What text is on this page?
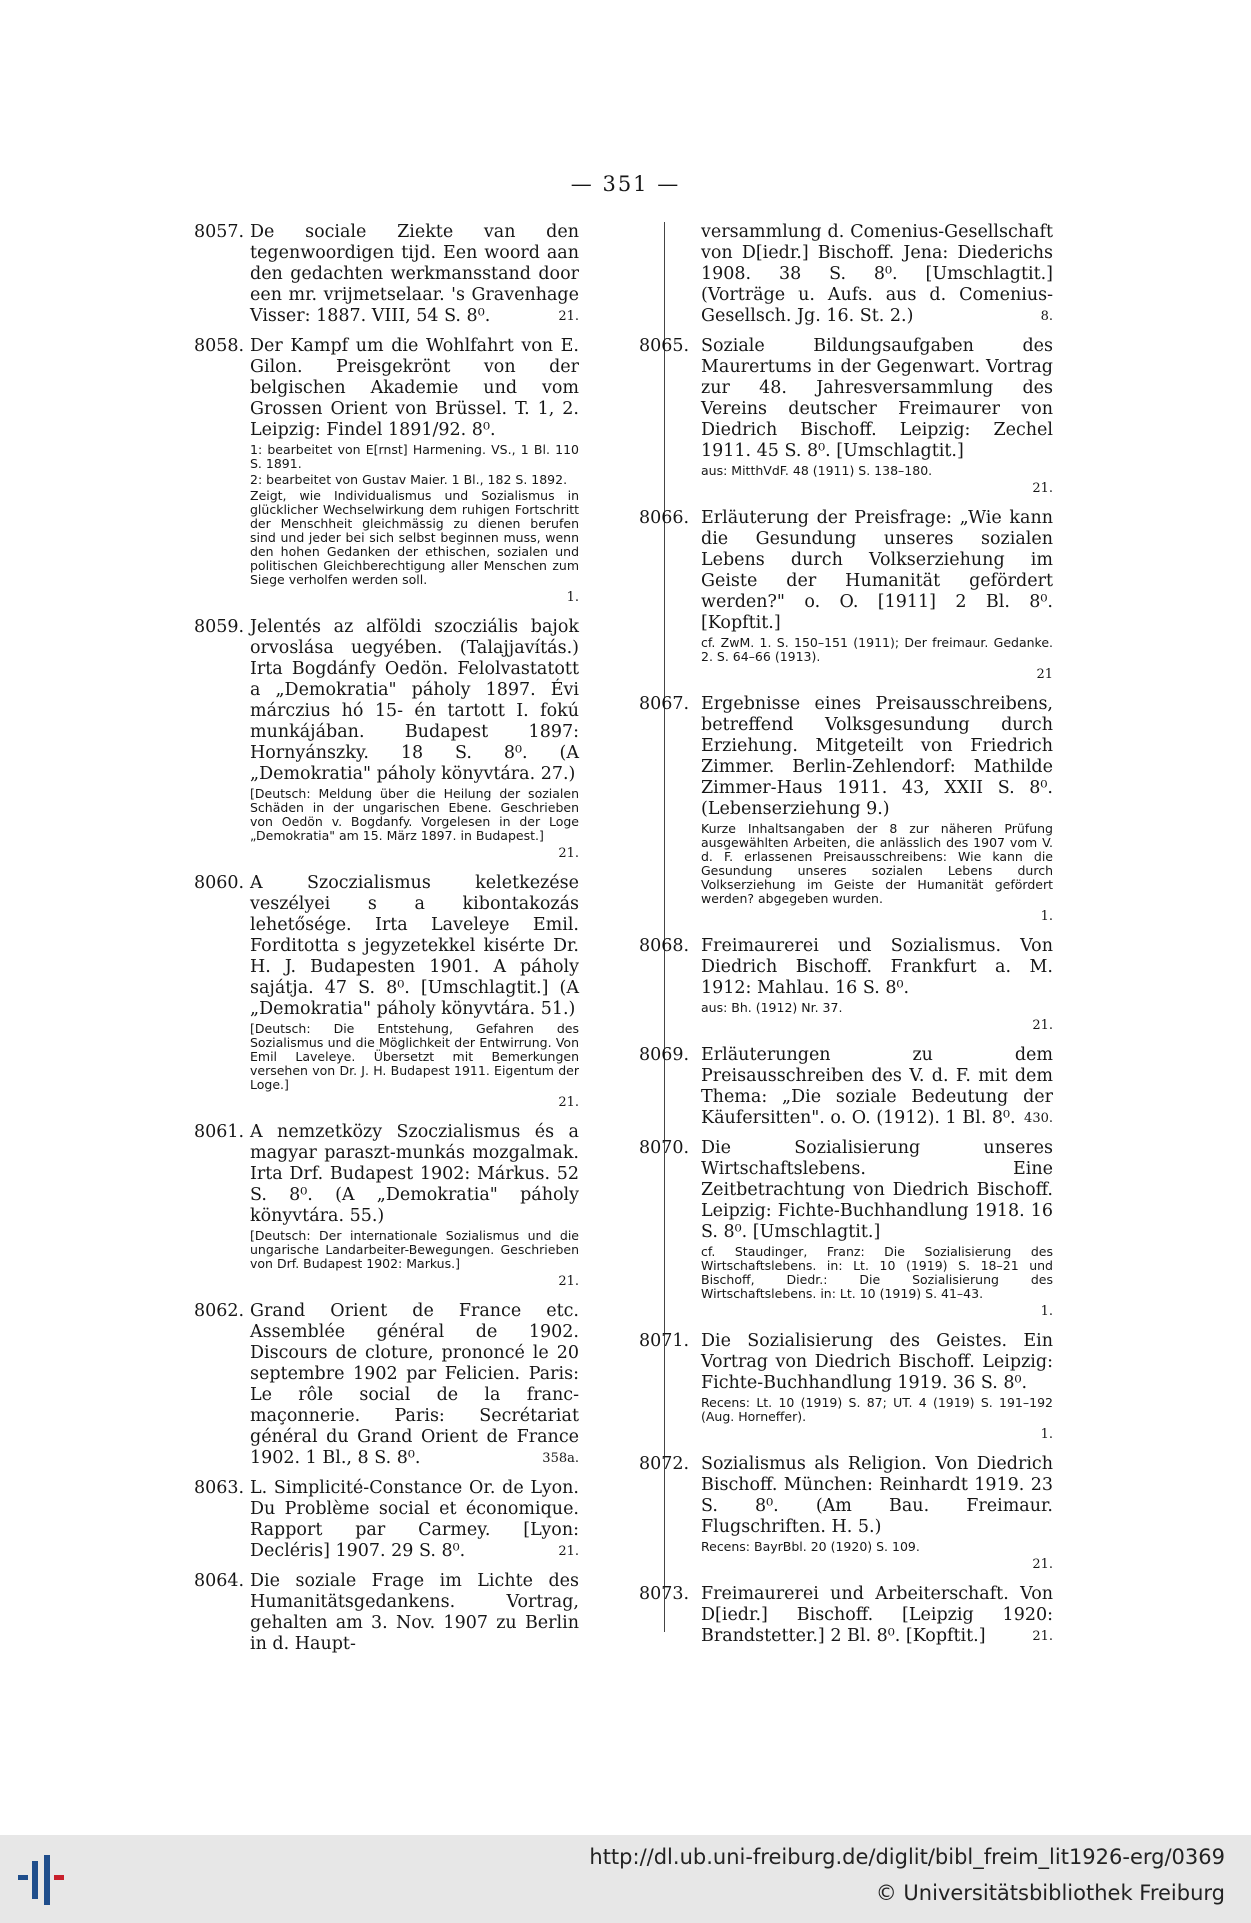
— 351 —
8057. De sociale Ziekte van den tegenwoordigen tijd. Een woord aan den gedachten werkmansstand door een mr. vrijmetselaar. 's Gravenhage Visser: 1887. VIII, 54 S. 8⁰.	21.
8058. Der Kampf um die Wohlfahrt von E. Gilon. Preisgekrönt von der belgischen Akademie und vom Grossen Orient von Brüssel. T. 1, 2. Leipzig: Findel 1891/92. 8⁰.
1: bearbeitet von E[rnst] Harmening. VS., 1 Bl. 110 S. 1891.
2: bearbeitet von Gustav Maier. 1 Bl., 182 S. 1892.
Zeigt, wie Individualismus und Sozialismus in glücklicher Wechselwirkung dem ruhigen Fortschritt der Menschheit gleichmässig zu dienen berufen sind und jeder bei sich selbst beginnen muss, wenn den hohen Gedanken der ethischen, sozialen und politischen Gleichberechtigung aller Menschen zum Siege verholfen werden soll.
1.
8059. Jelentés az alföldi szocziális bajok orvoslása uegyében. (Talajjavítás.) Irta Bogdánfy Oedön. Felolvastatott a „Demokratia" páholy 1897. Évi márczius hó 15- én tartott I. fokú munkájában. Budapest 1897: Hornyánszky. 18 S. 8⁰. (A „Demokratia" páholy könyvtára. 27.)
[Deutsch: Meldung über die Heilung der sozialen Schäden in der ungarischen Ebene. Geschrieben von Oedön v. Bogdanfy. Vorgelesen in der Loge „Demokratia" am 15. März 1897. in Budapest.]
21.
8060. A Szoczialismus keletkezése veszélyei s a kibontakozás lehetősége. Irta Laveleye Emil. Forditotta s jegyzetekkel kisérte Dr. H. J. Budapesten 1901. A páholy sajátja. 47 S. 8⁰. [Umschlagtit.] (A „Demokratia" páholy könyvtára. 51.)
[Deutsch: Die Entstehung, Gefahren des Sozialismus und die Möglichkeit der Entwirrung. Von Emil Laveleye. Übersetzt mit Bemerkungen versehen von Dr. J. H. Budapest 1911. Eigentum der Loge.]
21.
8061. A nemzetközy Szoczialismus és a magyar paraszt-munkás mozgalmak. Irta Drf. Budapest 1902: Márkus. 52 S. 8⁰. (A „Demokratia" páholy könyvtára. 55.)
[Deutsch: Der internationale Sozialismus und die ungarische Landarbeiter-Bewegungen. Geschrieben von Drf. Budapest 1902: Markus.]
21.
8062. Grand Orient de France etc. Assemblée général de 1902. Discours de cloture, prononcé le 20 septembre 1902 par Felicien. Paris: Le rôle social de la franc-maçonnerie. Paris: Secrétariat général du Grand Orient de France 1902. 1 Bl., 8 S. 8⁰.	358a.
8063. L. Simplicité-Constance Or. de Lyon. Du Problème social et économique. Rapport par Carmey. [Lyon: Decléris] 1907. 29 S. 8⁰.	21.
8064. Die soziale Frage im Lichte des Humanitätsgedankens. Vortrag, gehalten am 3. Nov. 1907 zu Berlin in d. Haupt-
versammlung d. Comenius-Gesellschaft von D[iedr.] Bischoff. Jena: Diederichs 1908. 38 S. 8⁰. [Umschlagtit.] (Vorträge u. Aufs. aus d. Comenius-Gesellsch. Jg. 16. St. 2.)	8.
8065. Soziale Bildungsaufgaben des Maurertums in der Gegenwart. Vortrag zur 48. Jahresversammlung des Vereins deutscher Freimaurer von Diedrich Bischoff. Leipzig: Zechel 1911. 45 S. 8⁰. [Umschlagtit.]
aus: MitthVdF. 48 (1911) S. 138–180.
21.
8066. Erläuterung der Preisfrage: „Wie kann die Gesundung unseres sozialen Lebens durch Volkserziehung im Geiste der Humanität gefördert werden?" o. O. [1911] 2 Bl. 8⁰. [Kopftit.]
cf. ZwM. 1. S. 150–151 (1911); Der freimaur. Gedanke. 2. S. 64–66 (1913).
21
8067. Ergebnisse eines Preisausschreibens, betreffend Volksgesundung durch Erziehung. Mitgeteilt von Friedrich Zimmer. Berlin-Zehlendorf: Mathilde Zimmer-Haus 1911. 43, XXII S. 8⁰. (Lebenserziehung 9.)
Kurze Inhaltsangaben der 8 zur näheren Prüfung ausgewählten Arbeiten, die anlässlich des 1907 vom V. d. F. erlassenen Preisausschreibens: Wie kann die Gesundung unseres sozialen Lebens durch Volkserziehung im Geiste der Humanität gefördert werden? abgegeben wurden.
1.
8068. Freimaurerei und Sozialismus. Von Diedrich Bischoff. Frankfurt a. M. 1912: Mahlau. 16 S. 8⁰.
aus: Bh. (1912) Nr. 37.
21.
8069. Erläuterungen zu dem Preisausschreiben des V. d. F. mit dem Thema: „Die soziale Bedeutung der Käufersitten". o. O. (1912). 1 Bl. 8⁰. 430.
8070. Die Sozialisierung unseres Wirtschaftslebens. Eine Zeitbetrachtung von Diedrich Bischoff. Leipzig: Fichte-Buchhandlung 1918. 16 S. 8⁰. [Umschlagtit.]
cf. Staudinger, Franz: Die Sozialisierung des Wirtschaftslebens. in: Lt. 10 (1919) S. 18–21 und Bischoff, Diedr.: Die Sozialisierung des Wirtschaftslebens. in: Lt. 10 (1919) S. 41–43.
1.
8071. Die Sozialisierung des Geistes. Ein Vortrag von Diedrich Bischoff. Leipzig: Fichte-Buchhandlung 1919. 36 S. 8⁰.
Recens: Lt. 10 (1919) S. 87; UT. 4 (1919) S. 191–192 (Aug. Horneffer).
1.
8072. Sozialismus als Religion. Von Diedrich Bischoff. München: Reinhardt 1919. 23 S. 8⁰. (Am Bau. Freimaur. Flugschriften. H. 5.)
Recens: BayrBbl. 20 (1920) S. 109.
21.
8073. Freimaurerei und Arbeiterschaft. Von D[iedr.] Bischoff. [Leipzig 1920: Brandstetter.] 2 Bl. 8⁰. [Kopftit.]	21.
http://dl.ub.uni-freiburg.de/diglit/bibl_freim_lit1926-erg/0369
© Universitätsbibliothek Freiburg
